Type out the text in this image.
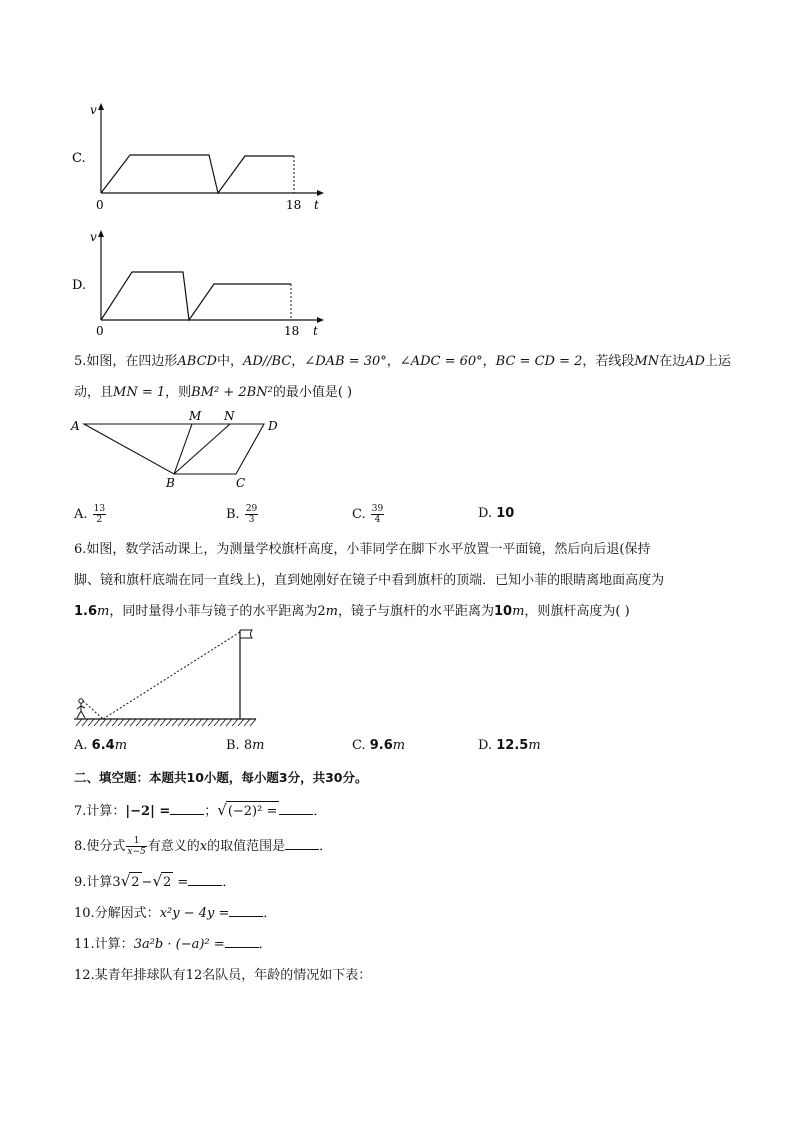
C.
v
0	18 t
D.
v
0	18 t
5.如图，在四边形ABCD中，AD//BC，∠DAB = 30°，∠ADC = 60°，BC = CD = 2，若线段MN在边AD上运
动，且MN = 1，则BM² + 2BN²的最小值是( )
A	D
M N
B	C
A. $\frac{13}{2}$	B. $\frac{29}{3}$	C. $\frac{39}{4}$	D. 10
6.如图，数学活动课上，为测量学校旗杆高度，小菲同学在脚下水平放置一平面镜，然后向后退(保持
脚、镜和旗杆底端在同一直线上)，直到她刚好在镜子中看到旗杆的顶端．已知小菲的眼睛离地面高度为
1.6m，同时量得小菲与镜子的水平距离为2m，镜子与旗杆的水平距离为10m，则旗杆高度为( )
A. 6.4m	B. 8m	C. 9.6m	D. 12.5m
二、填空题：本题共10小题，每小题3分，共30分。
7.计算：|−2| =	；√(−2)² =	．
8.使分式 $\frac{1}{x-5}$ 有意义的x的取值范围是	．
9.计算3√2 −√2 =	．
10.分解因式：x²y − 4y =	．
11.计算：3a²b · (−a)² =	．
12.某青年排球队有12名队员，年龄的情况如下表：
